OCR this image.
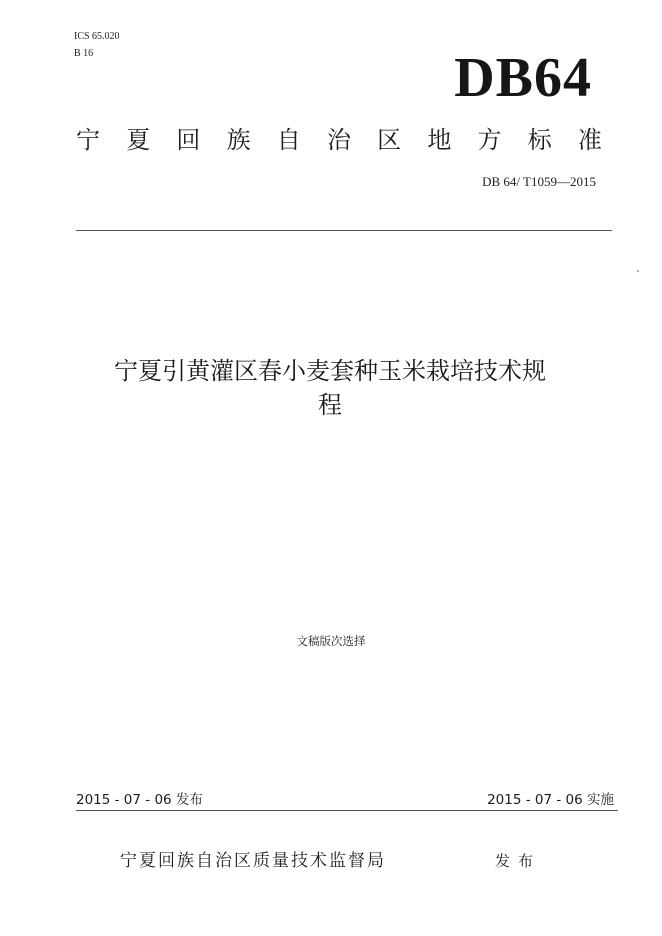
ICS 65.020
B 16	DB64
宁 夏 回 族 自 治 区 地 方 标 准
DB 64/ T1059—2015
宁夏引黄灌区春小麦套种玉米栽培技术规
程
文稿版次选择
2015 - 07 - 06 发布	2015 - 07 - 06 实施
宁夏回族自治区质量技术监督局	发布
